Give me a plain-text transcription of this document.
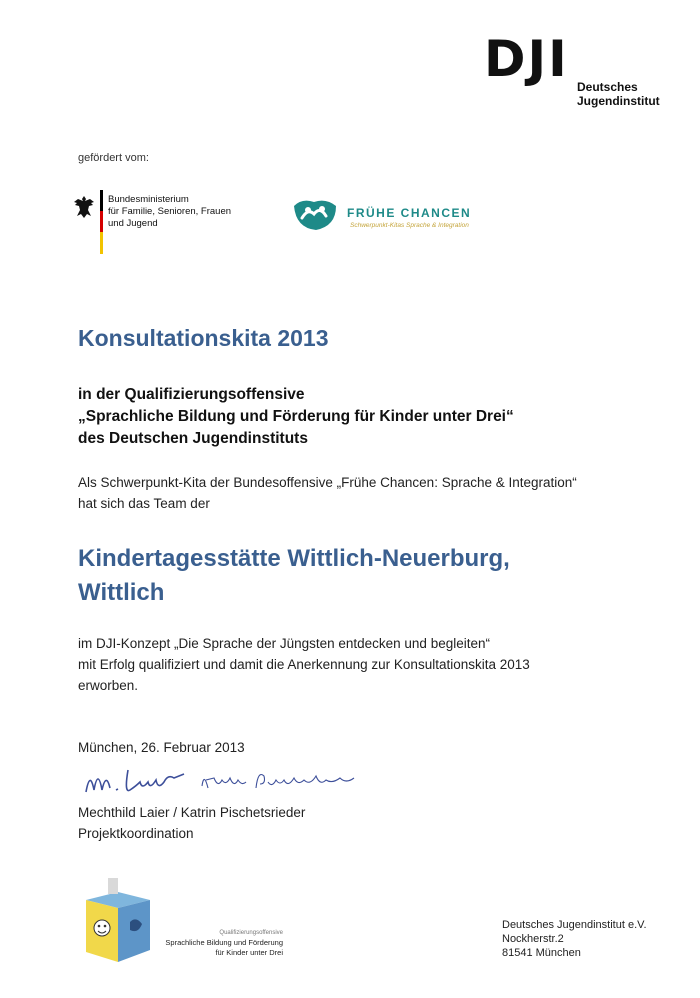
DJI Deutsches
Jugendinstitut
gefördert vom:
Bundesministerium
für Familie, Senioren, Frauen
und Jugend
FRÜHE CHANCEN
Schwerpunkt-Kitas Sprache & Integration
Konsultationskita 2013
in der Qualifizierungsoffensive
„Sprachliche Bildung und Förderung für Kinder unter Drei“
des Deutschen Jugendinstituts
Als Schwerpunkt-Kita der Bundesoffensive „Frühe Chancen: Sprache & Integration“
hat sich das Team der
Kindertagesstätte Wittlich-Neuerburg,
Wittlich
im DJI-Konzept „Die Sprache der Jüngsten entdecken und begleiten“
mit Erfolg qualifiziert und damit die Anerkennung zur Konsultationskita 2013
erworben.
München, 26. Februar 2013
Mechthild Laier / Katrin Pischetsrieder
Projektkoordination
Qualifizierungsoffensive
Sprachliche Bildung und Förderung
für Kinder unter Drei
Deutsches Jugendinstitut e.V.
Nockherstr.2
81541 München
